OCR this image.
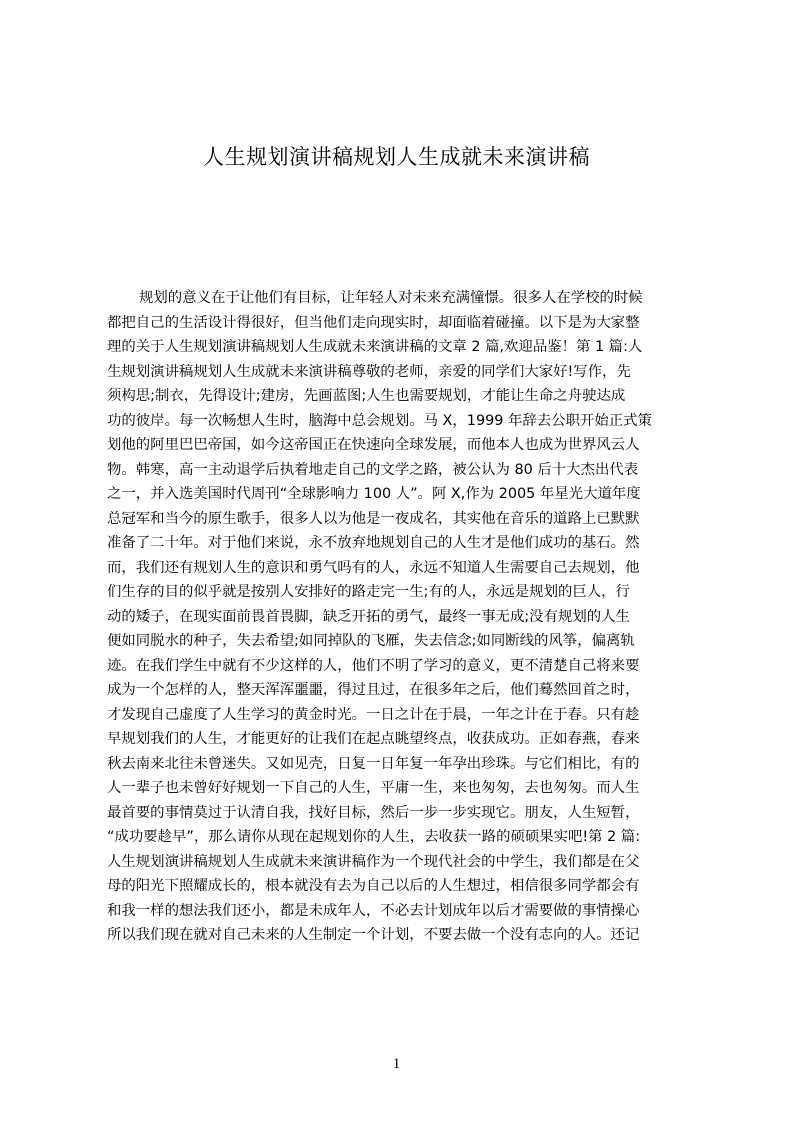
人生规划演讲稿规划人生成就未来演讲稿
规划的意义在于让他们有目标，让年轻人对未来充满憧憬。很多人在学校的时候
都把自己的生活设计得很好，但当他们走向现实时，却面临着碰撞。以下是为大家整
理的关于人生规划演讲稿规划人生成就未来演讲稿的文章 2 篇,欢迎品鉴！第 1 篇:人
生规划演讲稿规划人生成就未来演讲稿尊敬的老师，亲爱的同学们大家好!写作，先
须构思;制衣，先得设计;建房，先画蓝图;人生也需要规划，才能让生命之舟驶达成
功的彼岸。每一次畅想人生时，脑海中总会规划。马 X，1999 年辞去公职开始正式策
划他的阿里巴巴帝国，如今这帝国正在快速向全球发展，而他本人也成为世界风云人
物。韩寒，高一主动退学后执着地走自己的文学之路，被公认为 80 后十大杰出代表
之一，并入选美国时代周刊“全球影响力 100 人”。阿 X,作为 2005 年星光大道年度
总冠军和当今的原生歌手，很多人以为他是一夜成名，其实他在音乐的道路上已默默
准备了二十年。对于他们来说，永不放弃地规划自己的人生才是他们成功的基石。然
而，我们还有规划人生的意识和勇气吗有的人，永远不知道人生需要自己去规划，他
们生存的目的似乎就是按别人安排好的路走完一生;有的人，永远是规划的巨人，行
动的矮子，在现实面前畏首畏脚，缺乏开拓的勇气，最终一事无成;没有规划的人生
便如同脱水的种子，失去希望;如同掉队的飞雁，失去信念;如同断线的风筝，偏离轨
迹。在我们学生中就有不少这样的人，他们不明了学习的意义，更不清楚自己将来要
成为一个怎样的人，整天浑浑噩噩，得过且过，在很多年之后，他们蓦然回首之时，
才发现自己虚度了人生学习的黄金时光。一日之计在于晨，一年之计在于春。只有趁
早规划我们的人生，才能更好的让我们在起点眺望终点，收获成功。正如春燕，春来
秋去南来北往未曾迷失。又如见壳，日复一日年复一年孕出珍珠。与它们相比，有的
人一辈子也未曾好好规划一下自己的人生，平庸一生，来也匆匆，去也匆匆。而人生
最首要的事情莫过于认清自我，找好目标，然后一步一步实现它。朋友，人生短暂，
“成功要趁早”，那么请你从现在起规划你的人生，去收获一路的硕硕果实吧!第 2 篇:
人生规划演讲稿规划人生成就未来演讲稿作为一个现代社会的中学生，我们都是在父
母的阳光下照耀成长的，根本就没有去为自己以后的人生想过，相信很多同学都会有
和我一样的想法我们还小，都是未成年人，不必去计划成年以后才需要做的事情操心
所以我们现在就对自己未来的人生制定一个计划，不要去做一个没有志向的人。还记
1
